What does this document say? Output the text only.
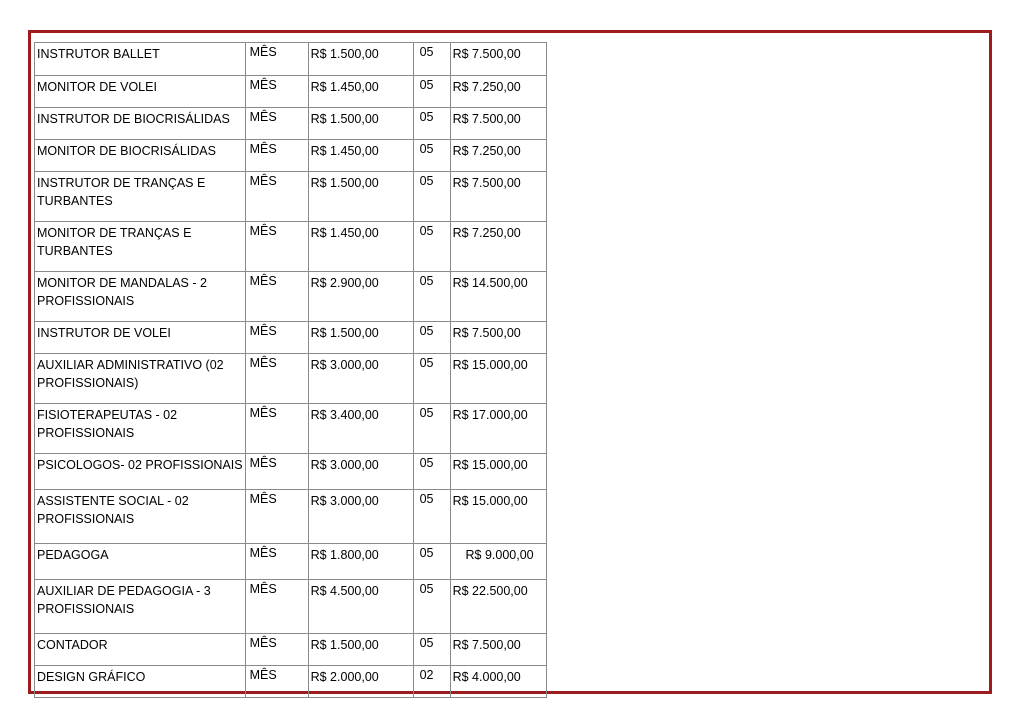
INSTRUTOR BALLET	MÊS	R$ 1.500,00	05	R$ 7.500,00
MONITOR DE VOLEI	MÊS	R$ 1.450,00	05	R$ 7.250,00
INSTRUTOR DE BIOCRISÁLIDAS	MÊS	R$ 1.500,00	05	R$ 7.500,00
MONITOR DE BIOCRISÁLIDAS	MÊS	R$ 1.450,00	05	R$ 7.250,00
INSTRUTOR DE TRANÇAS E TURBANTES	MÊS	R$ 1.500,00	05	R$ 7.500,00
MONITOR DE TRANÇAS E TURBANTES	MÊS	R$ 1.450,00	05	R$ 7.250,00
MONITOR DE MANDALAS - 2 PROFISSIONAIS	MÊS	R$ 2.900,00	05	R$ 14.500,00
INSTRUTOR DE VOLEI	MÊS	R$ 1.500,00	05	R$ 7.500,00
AUXILIAR ADMINISTRATIVO (02 PROFISSIONAIS)	MÊS	R$ 3.000,00	05	R$ 15.000,00
FISIOTERAPEUTAS - 02 PROFISSIONAIS	MÊS	R$ 3.400,00	05	R$ 17.000,00
PSICOLOGOS- 02 PROFISSIONAIS	MÊS	R$ 3.000,00	05	R$ 15.000,00
ASSISTENTE SOCIAL - 02 PROFISSIONAIS	MÊS	R$ 3.000,00	05	R$ 15.000,00
PEDAGOGA	MÊS	R$ 1.800,00	05	R$ 9.000,00
AUXILIAR DE PEDAGOGIA - 3 PROFISSIONAIS	MÊS	R$ 4.500,00	05	R$ 22.500,00
CONTADOR	MÊS	R$ 1.500,00	05	R$ 7.500,00
DESIGN GRÁFICO	MÊS	R$ 2.000,00	02	R$ 4.000,00
